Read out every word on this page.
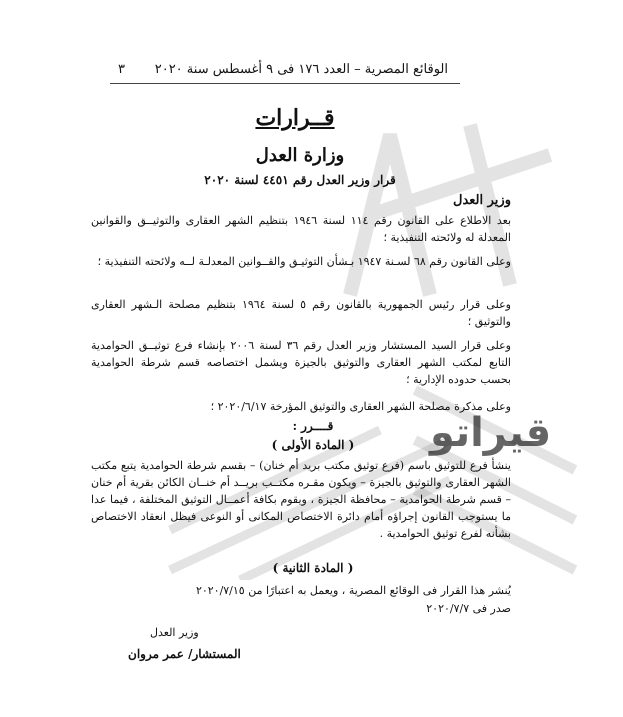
قيراتو
الوقائع المصرية – العدد ١٧٦ فى ٩ أغسطس سنة ٢٠٢٠
٣
قــرارات
وزارة العدل
قرار وزير العدل رقم ٤٤٥١ لسنة ٢٠٢٠
وزير العدل
بعد الاطلاع على القانون رقم ١١٤ لسنة ١٩٤٦ بتنظيم الشهر العقارى والتوثيــق والقوانين المعدلة له ولائحته التنفيذية ؛
وعلى القانون رقم ٦٨ لسـنة ١٩٤٧ بـشأن التوثيـق والقــوانين المعدلـة لــه ولائحته التنفيذية ؛
وعلى قرار رئيس الجمهورية بالقانون رقم ٥ لسنة ١٩٦٤ بتنظيم مصلحة الـشهر العقارى والتوثيق ؛
وعلى قرار السيد المستشار وزير العدل رقم ٣٦ لسنة ٢٠٠٦ بإنشاء فرع توثيــق الحوامدية التابع لمكتب الشهر العقارى والتوثيق بالجيزة ويشمل اختصاصه قسم شرطة الحوامدية بحسب حدوده الإدارية ؛
وعلى مذكرة مصلحة الشهر العقارى والتوثيق المؤرخة ٢٠٢٠/٦/١٧ ؛
قــــرر :
( المادة الأولى )
ينشأ فرع للتوثيق باسم (فرع توثيق مكتب بريد أم خنان) – بقسم شرطة الحوامدية يتبع مكتب الشهر العقارى والتوثيق بالجيزة – ويكون مقـره مكتــب بريــد أم خنــان الكائن بقرية أم خنان – قسم شرطة الحوامدية – محافظة الجيزة ، ويقوم بكافة أعمــال التوثيق المختلفة ، فيما عدا ما يستوجب القانون إجراؤه أمام دائرة الاختصاص المكانى أو النوعى فيظل انعقاد الاختصاص بشأنه لفرع توثيق الحوامدية .
( المادة الثانية )
يُنشر هذا القرار فى الوقائع المصرية ، ويعمل به اعتبارًا من ٢٠٢٠/٧/١٥
صدر فى ٢٠٢٠/٧/٧
وزير العدل
المستشار/ عمر مروان
